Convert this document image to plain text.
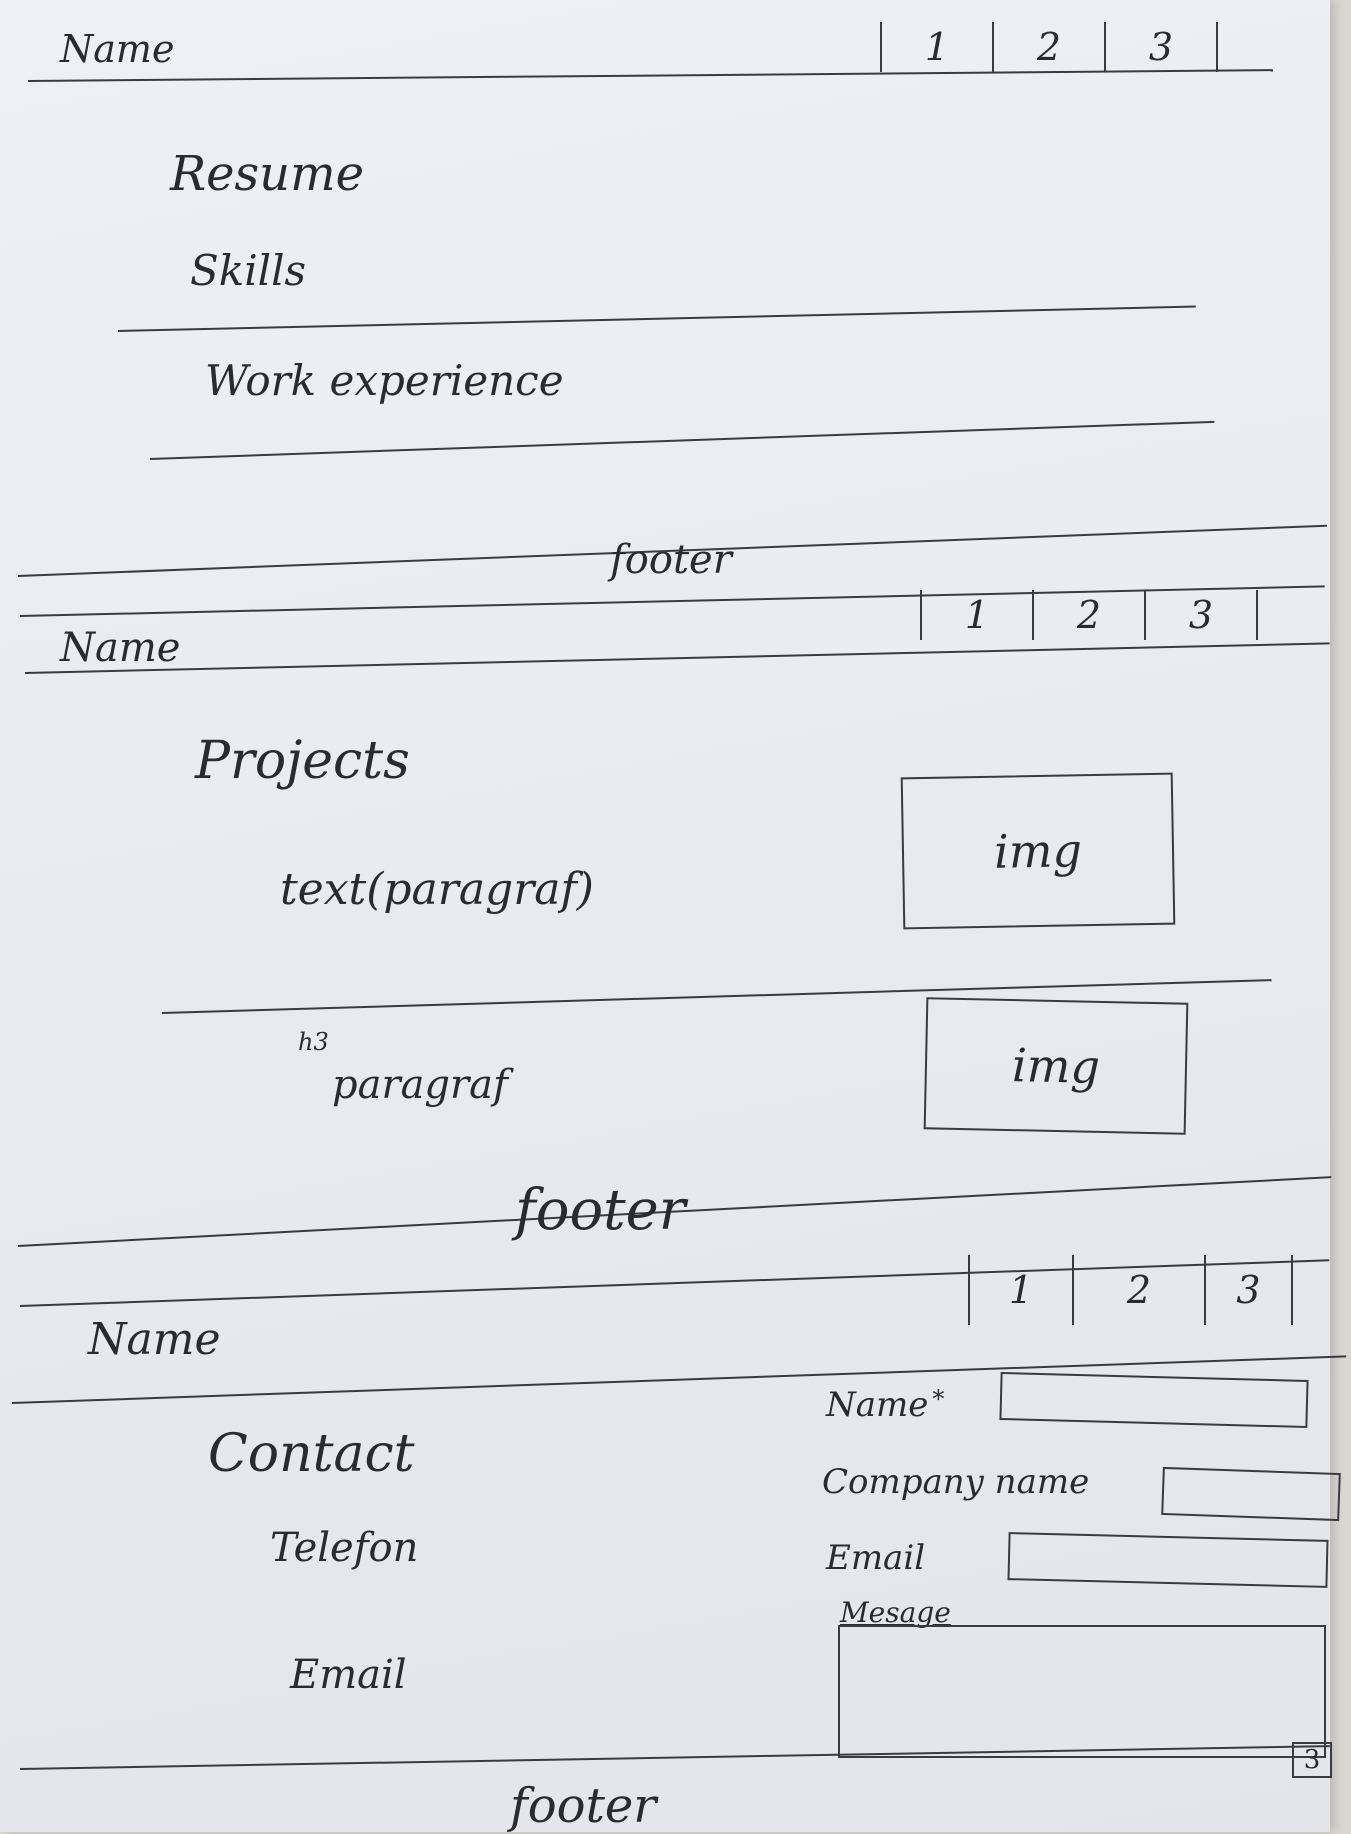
Name	1	2	3
Resume
Skills
Work experience
footer
Name
1	2	3
Projects
text(paragraf)
img
h3
paragraf	img
footer
Name
1	2	3
Contact
Telefon
Email
Name *
Company name
Email
Mesage
3
footer
